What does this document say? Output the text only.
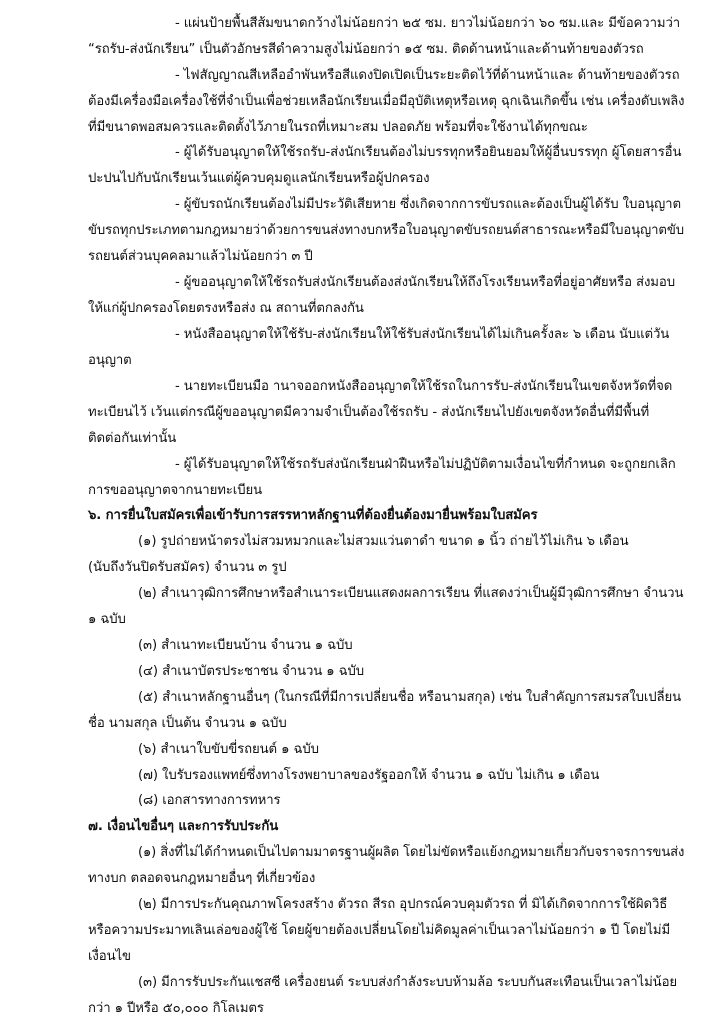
- แผ่นป้ายพื้นสีส้มขนาดกว้างไม่น้อยกว่า ๒๕ ซม. ยาวไม่น้อยกว่า ๖๐ ซม.และ มีข้อความว่า
“รถรับ-ส่งนักเรียน” เป็นตัวอักษรสีดำความสูงไม่น้อยกว่า ๑๕ ซม. ติดด้านหน้าและด้านท้ายของตัวรถ
- ไฟสัญญาณสีเหลืออำพันหรือสีแดงปิดเปิดเป็นระยะติดไว้ที่ด้านหน้าและ ด้านท้ายของตัวรถ
ต้องมีเครื่องมือเครื่องใช้ที่จำเป็นเพื่อช่วยเหลือนักเรียนเมื่อมีอุบัติเหตุหรือเหตุ ฉุกเฉินเกิดขึ้น เช่น เครื่องดับเพลิง
ที่มีขนาดพอสมควรและติดตั้งไว้ภายในรถที่เหมาะสม ปลอดภัย พร้อมที่จะใช้งานได้ทุกขณะ
- ผู้ได้รับอนุญาตให้ใช้รถรับ-ส่งนักเรียนต้องไม่บรรทุกหรือยินยอมให้ผู้อื่นบรรทุก ผู้โดยสารอื่น
ปะปนไปกับนักเรียนเว้นแต่ผู้ควบคุมดูแลนักเรียนหรือผู้ปกครอง
- ผู้ขับรถนักเรียนต้องไม่มีประวัติเสียหาย ซึ่งเกิดจากการขับรถและต้องเป็นผู้ได้รับ ใบอนุญาต
ขับรถทุกประเภทตามกฎหมายว่าด้วยการขนส่งทางบกหรือใบอนุญาตขับรถยนต์สาธารณะหรือมีใบอนุญาตขับ
รถยนต์ส่วนบุคคลมาแล้วไม่น้อยกว่า ๓ ปี
- ผู้ขออนุญาตให้ใช้รถรับส่งนักเรียนต้องส่งนักเรียนให้ถึงโรงเรียนหรือที่อยู่อาศัยหรือ ส่งมอบ
ให้แก่ผู้ปกครองโดยตรงหรือส่ง ณ สถานที่ตกลงกัน
- หนังสืออนุญาตให้ใช้รับ-ส่งนักเรียนให้ใช้รับส่งนักเรียนได้ไม่เกินครั้งละ ๖ เดือน นับแต่วัน
อนุญาต
- นายทะเบียนมือ านาจออกหนังสืออนุญาตให้ใช้รถในการรับ-ส่งนักเรียนในเขตจังหวัดที่จด
ทะเบียนไว้ เว้นแต่กรณีผู้ขออนุญาตมีความจำเป็นต้องใช้รถรับ - ส่งนักเรียนไปยังเขตจังหวัดอื่นที่มีพื้นที่
ติดต่อกันเท่านั้น
- ผู้ได้รับอนุญาตให้ใช้รถรับส่งนักเรียนฝ่าฝืนหรือไม่ปฏิบัติตามเงื่อนไขที่กำหนด จะถูกยกเลิก
การขออนุญาตจากนายทะเบียน
๖. การยื่นใบสมัครเพื่อเข้ารับการสรรหาหลักฐานที่ต้องยื่นต้องมายื่นพร้อมใบสมัคร
(๑) รูปถ่ายหน้าตรงไม่สวมหมวกและไม่สวมแว่นตาดำ ขนาด ๑ นิ้ว ถ่ายไว้ไม่เกิน ๖ เดือน
(นับถึงวันปิดรับสมัคร) จำนวน ๓ รูป
(๒) สำเนาวุฒิการศึกษาหรือสำเนาระเบียนแสดงผลการเรียน ที่แสดงว่าเป็นผู้มีวุฒิการศึกษา จำนวน
๑ ฉบับ
(๓) สำเนาทะเบียนบ้าน จำนวน ๑ ฉบับ
(๔) สำเนาบัตรประชาชน จำนวน ๑ ฉบับ
(๕) สำเนาหลักฐานอื่นๆ (ในกรณีที่มีการเปลี่ยนชื่อ หรือนามสกุล) เช่น ใบสำคัญการสมรสใบเปลี่ยน
ชื่อ นามสกุล เป็นต้น จำนวน ๑ ฉบับ
(๖) สำเนาใบขับขี่รถยนต์ ๑ ฉบับ
(๗) ใบรับรองแพทย์ซึ่งทางโรงพยาบาลของรัฐออกให้ จำนวน ๑ ฉบับ ไม่เกิน ๑ เดือน
(๘) เอกสารทางการทหาร
๗. เงื่อนไขอื่นๆ และการรับประกัน
(๑) สิ่งที่ไม่ได้กำหนดเป็นไปตามมาตรฐานผู้ผลิต โดยไม่ขัดหรือแย้งกฎหมายเกี่ยวกับจราจรการขนส่ง
ทางบก ตลอดจนกฎหมายอื่นๆ ที่เกี่ยวข้อง
(๒) มีการประกันคุณภาพโครงสร้าง ตัวรถ สีรถ อุปกรณ์ควบคุมตัวรถ ที่ มิได้เกิดจากการใช้ผิดวิธี
หรือความประมาทเลินเล่อของผู้ใช้ โดยผู้ขายต้องเปลี่ยนโดยไม่คิดมูลค่าเป็นเวลาไม่น้อยกว่า ๑ ปี โดยไม่มี
เงื่อนไข
(๓) มีการรับประกันแชสซี เครื่องยนต์ ระบบส่งกำลังระบบห้ามล้อ ระบบกันสะเทือนเป็นเวลาไม่น้อย
กว่า ๑ ปีหรือ ๕๐,๐๐๐ กิโลเมตร
